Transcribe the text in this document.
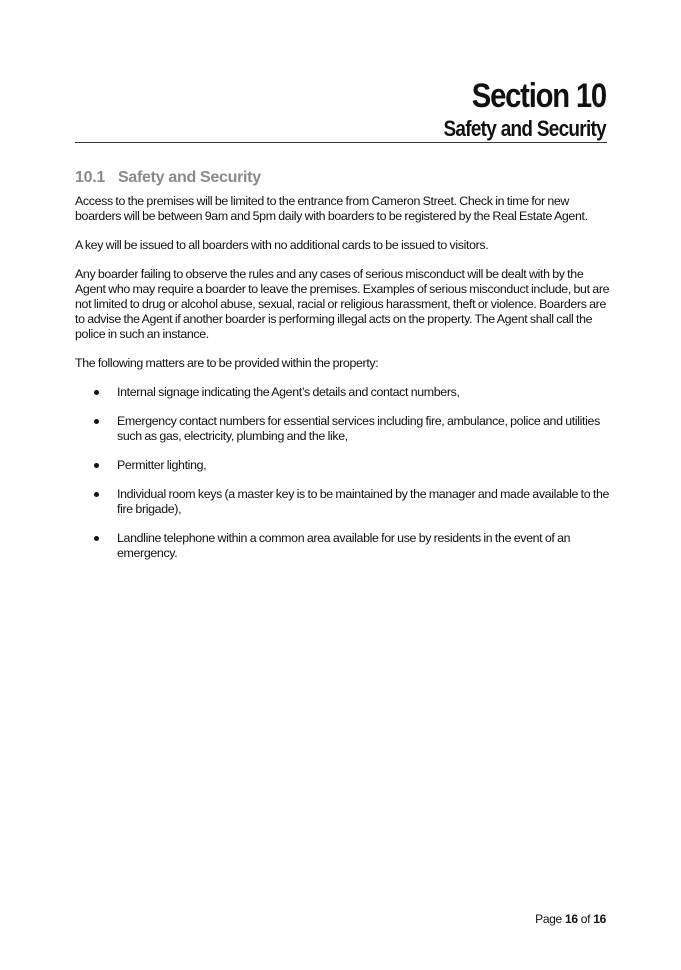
Section 10
Safety and Security
10.1 Safety and Security

Access to the premises will be limited to the entrance from Cameron Street. Check in time for new boarders will be between 9am and 5pm daily with boarders to be registered by the Real Estate Agent.

A key will be issued to all boarders with no additional cards to be issued to visitors.

Any boarder failing to observe the rules and any cases of serious misconduct will be dealt with by the Agent who may require a boarder to leave the premises. Examples of serious misconduct include, but are not limited to drug or alcohol abuse, sexual, racial or religious harassment, theft or violence. Boarders are to advise the Agent if another boarder is performing illegal acts on the property. The Agent shall call the police in such an instance.

The following matters are to be provided within the property:

Internal signage indicating the Agent’s details and contact numbers,
Emergency contact numbers for essential services including fire, ambulance, police and utilities such as gas, electricity, plumbing and the like,
Permitter lighting,
Individual room keys (a master key is to be maintained by the manager and made available to the fire brigade),
Landline telephone within a common area available for use by residents in the event of an emergency.
Page 16 of 16
